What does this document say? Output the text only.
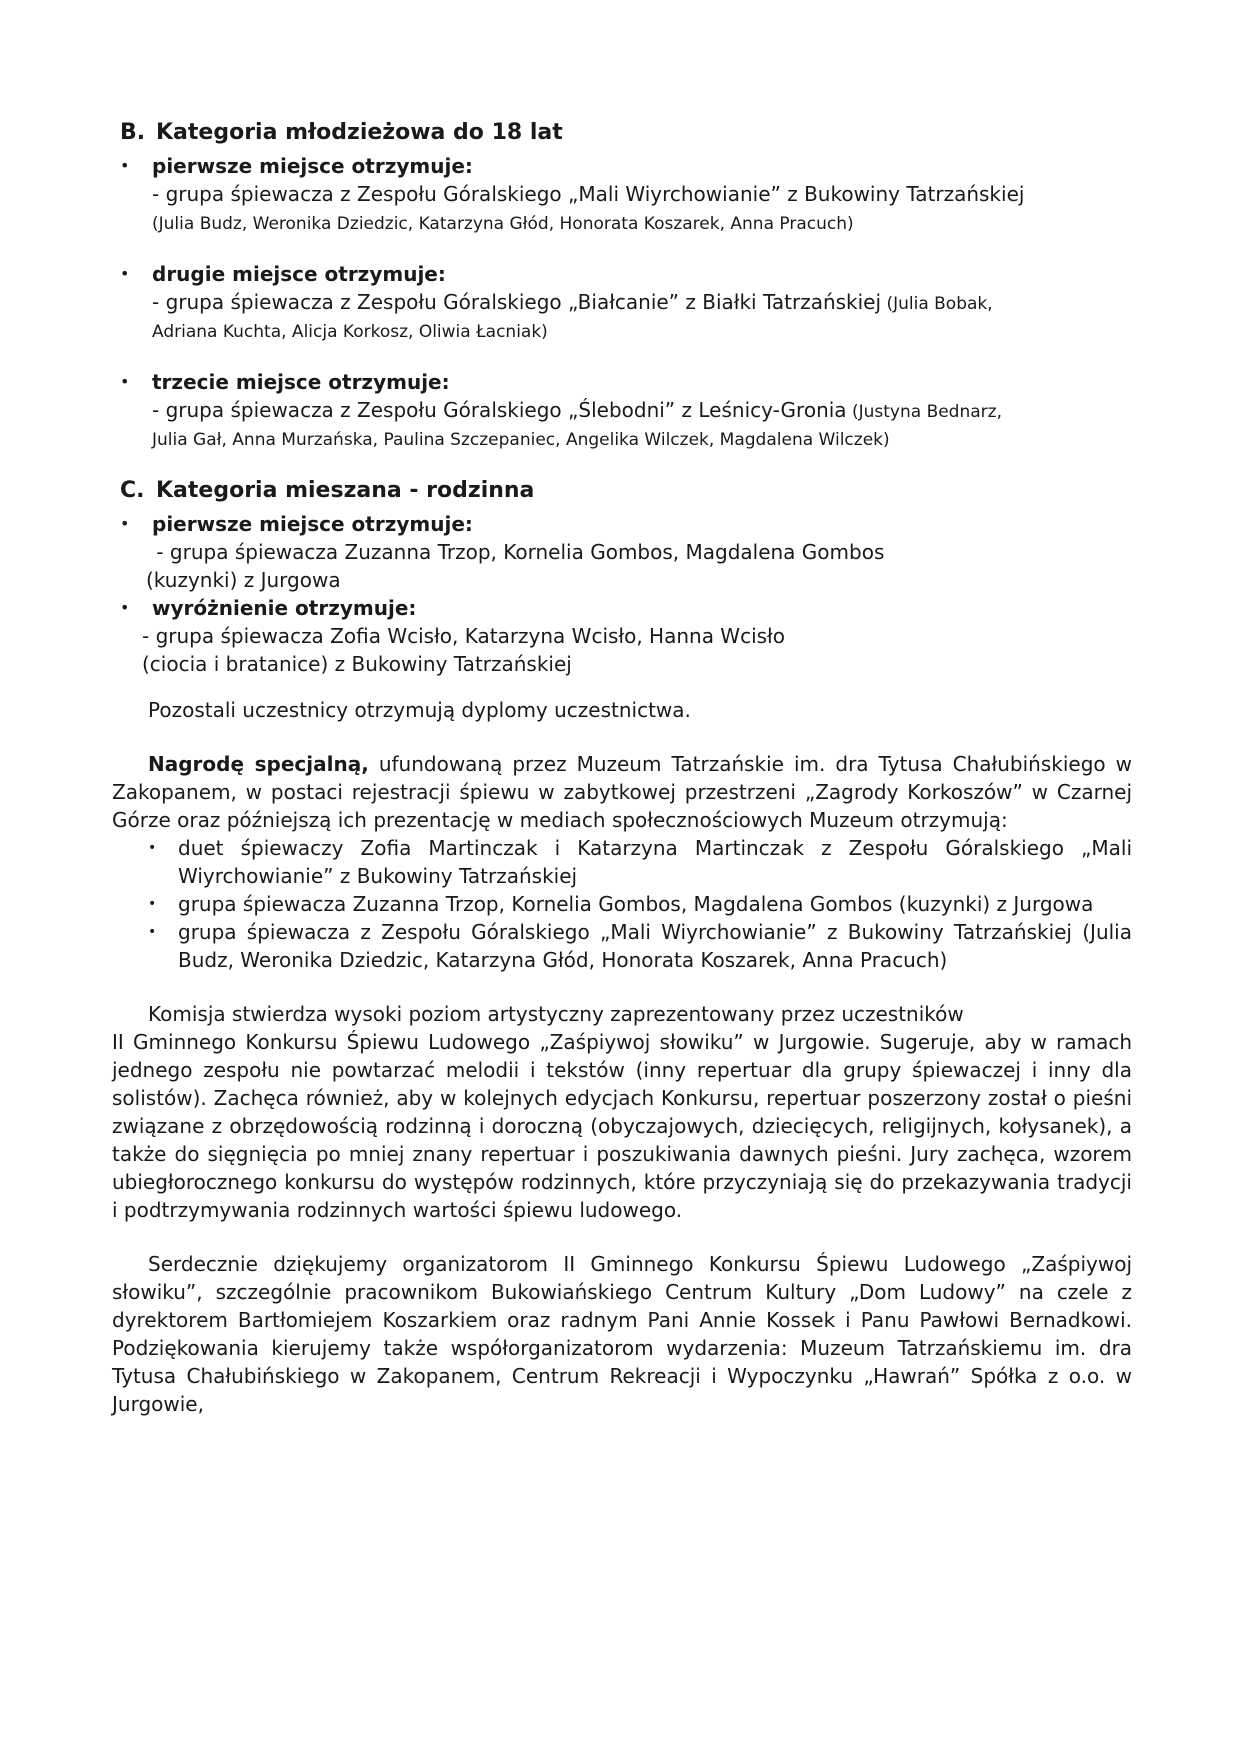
B. Kategoria młodzieżowa do 18 lat
•	pierwsze miejsce otrzymuje:
- grupa śpiewacza z Zespołu Góralskiego „Mali Wiyrchowianie” z Bukowiny Tatrzańskiej
(Julia Budz, Weronika Dziedzic, Katarzyna Głód, Honorata Koszarek, Anna Pracuch)
•	drugie miejsce otrzymuje:
- grupa śpiewacza z Zespołu Góralskiego „Białcanie” z Białki Tatrzańskiej (Julia Bobak,
Adriana Kuchta, Alicja Korkosz, Oliwia Łacniak)
•	trzecie miejsce otrzymuje:
- grupa śpiewacza z Zespołu Góralskiego „Ślebodni” z Leśnicy-Gronia (Justyna Bednarz,
Julia Gał, Anna Murzańska, Paulina Szczepaniec, Angelika Wilczek, Magdalena Wilczek)
C. Kategoria mieszana - rodzinna
•	pierwsze miejsce otrzymuje:
- grupa śpiewacza Zuzanna Trzop, Kornelia Gombos, Magdalena Gombos
(kuzynki) z Jurgowa
•	wyróżnienie otrzymuje:
- grupa śpiewacza Zofia Wcisło, Katarzyna Wcisło, Hanna Wcisło
(ciocia i bratanice) z Bukowiny Tatrzańskiej

Pozostali uczestnicy otrzymują dyplomy uczestnictwa.

Nagrodę specjalną, ufundowaną przez Muzeum Tatrzańskie im. dra Tytusa Chałubińskiego w Zakopanem, w postaci rejestracji śpiewu w zabytkowej przestrzeni „Zagrody Korkoszów” w Czarnej Górze oraz późniejszą ich prezentację w mediach społecznościowych Muzeum otrzymują:

•	duet śpiewaczy Zofia Martinczak i Katarzyna Martinczak z Zespołu Góralskiego „Mali Wiyrchowianie” z Bukowiny Tatrzańskiej
•	grupa śpiewacza Zuzanna Trzop, Kornelia Gombos, Magdalena Gombos (kuzynki) z Jurgowa
•	grupa śpiewacza z Zespołu Góralskiego „Mali Wiyrchowianie” z Bukowiny Tatrzańskiej (Julia Budz, Weronika Dziedzic, Katarzyna Głód, Honorata Koszarek, Anna Pracuch)
Komisja stwierdza wysoki poziom artystyczny zaprezentowany przez uczestników

II Gminnego Konkursu Śpiewu Ludowego „Zaśpiywoj słowiku” w Jurgowie. Sugeruje, aby w ramach jednego zespołu nie powtarzać melodii i tekstów (inny repertuar dla grupy śpiewaczej i inny dla solistów). Zachęca również, aby w kolejnych edycjach Konkursu, repertuar poszerzony został o pieśni związane z obrzędowością rodzinną i doroczną (obyczajowych, dziecięcych, religijnych, kołysanek), a także do sięgnięcia po mniej znany repertuar i poszukiwania dawnych pieśni. Jury zachęca, wzorem ubiegłorocznego konkursu do występów rodzinnych, które przyczyniają się do przekazywania tradycji i podtrzymywania rodzinnych wartości śpiewu ludowego.

Serdecznie dziękujemy organizatorom II Gminnego Konkursu Śpiewu Ludowego „Zaśpiywoj słowiku”, szczególnie pracownikom Bukowiańskiego Centrum Kultury „Dom Ludowy” na czele z dyrektorem Bartłomiejem Koszarkiem oraz radnym Pani Annie Kossek i Panu Pawłowi Bernadkowi. Podziękowania kierujemy także współorganizatorom wydarzenia: Muzeum Tatrzańskiemu im. dra Tytusa Chałubińskiego w Zakopanem, Centrum Rekreacji i Wypoczynku „Hawrań” Spółka z o.o. w Jurgowie,
